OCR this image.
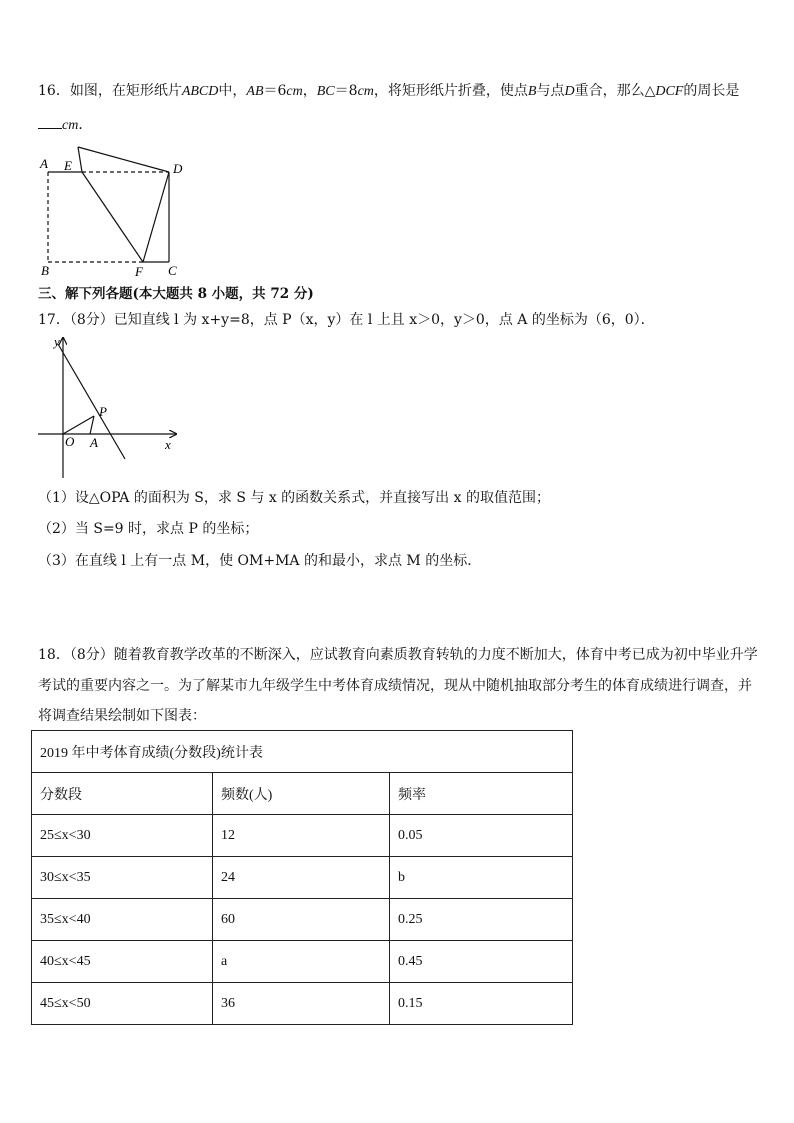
16．如图，在矩形纸片ABCD中，AB＝6cm，BC＝8cm，将矩形纸片折叠，使点B与点D重合，那么△DCF的周长是
cm．
A E	D
B	F C
三、解下列各题(本大题共 8 小题，共 72 分)
17．（8分）已知直线 l 为 x+y=8，点 P（x，y）在 l 上且 x＞0，y＞0，点 A 的坐标为（6，0）．
y
x
O A
P
（1）设△OPA 的面积为 S，求 S 与 x 的函数关系式，并直接写出 x 的取值范围；
（2）当 S=9 时，求点 P 的坐标；
（3）在直线 l 上有一点 M，使 OM+MA 的和最小，求点 M 的坐标．
18．（8分）随着教育教学改革的不断深入，应试教育向素质教育转轨的力度不断加大，体育中考已成为初中毕业升学
考试的重要内容之一。为了解某市九年级学生中考体育成绩情况，现从中随机抽取部分考生的体育成绩进行调查，并
将调查结果绘制如下图表：
2019 年中考体育成绩(分数段)统计表		
分数段	频数(人)	频率
25≤x<30	12	0.05
30≤x<35	24	b
35≤x<40	60	0.25
40≤x<45	a	0.45
45≤x<50	36	0.15
